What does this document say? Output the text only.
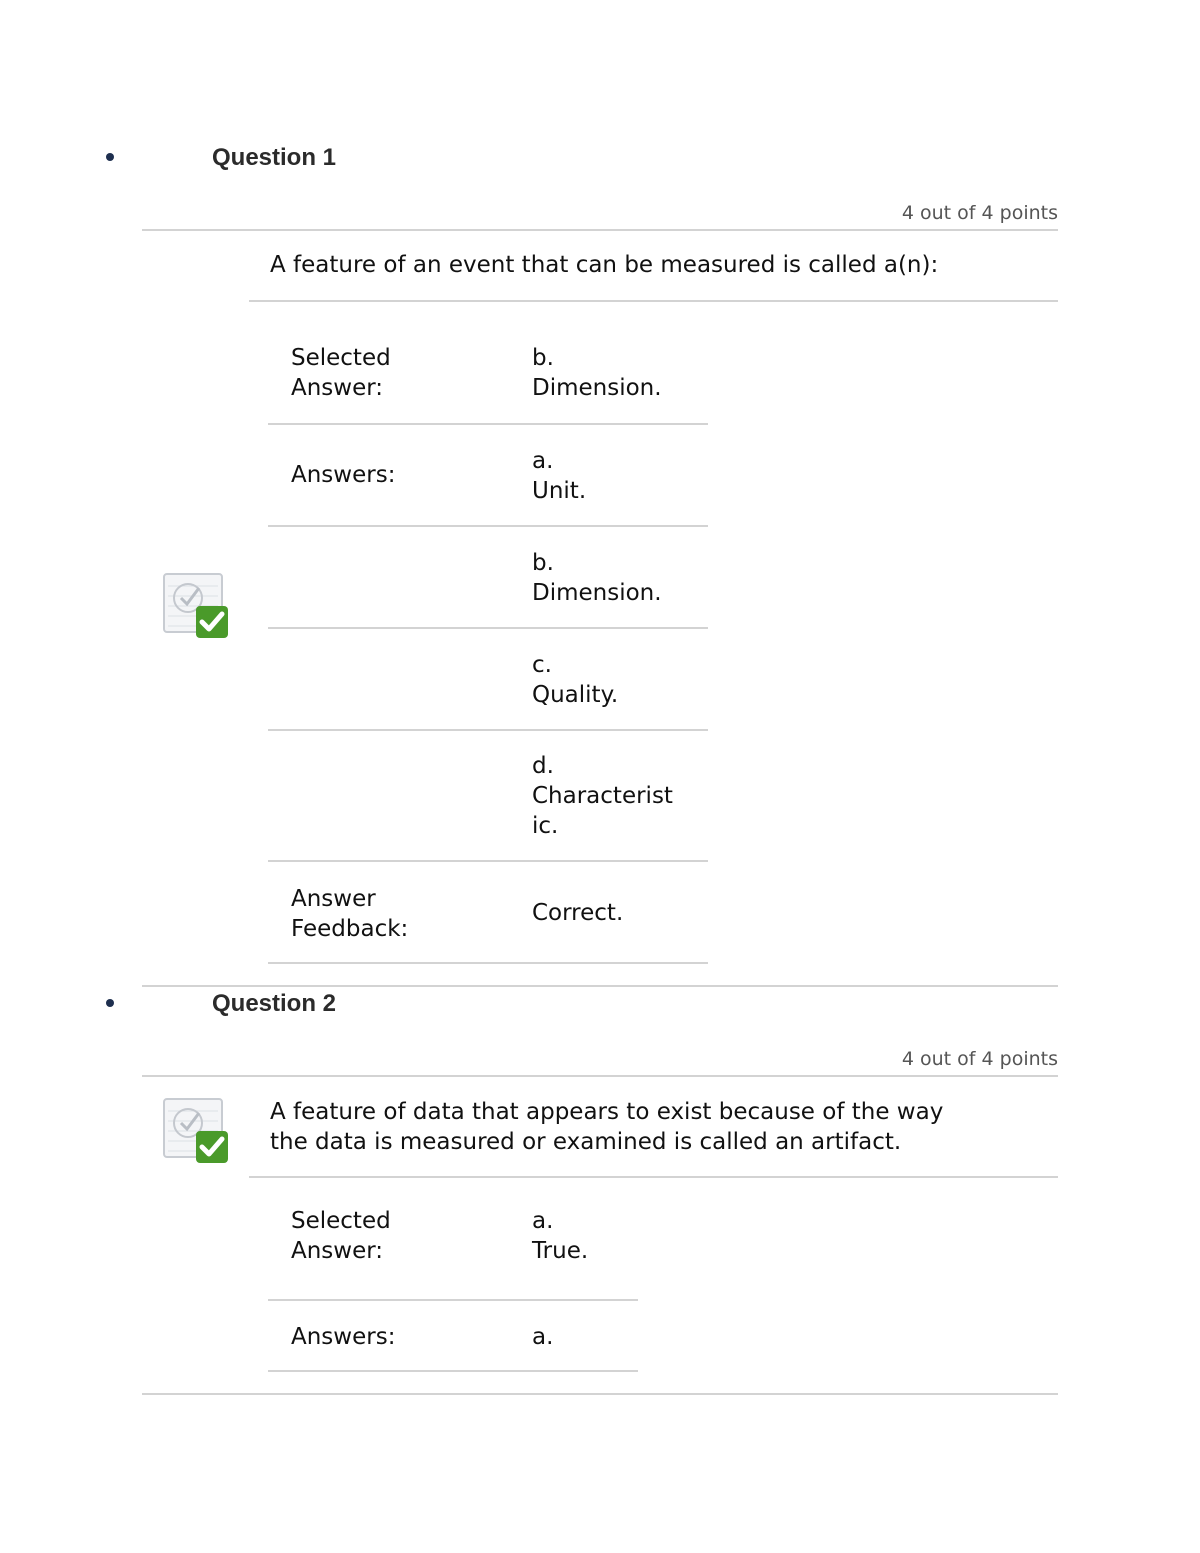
Question 1
4 out of 4 points
A feature of an event that can be measured is called a(n):
Selected
Answer:
b.
Dimension.
Answers:
a.
Unit.
b.
Dimension.
c.
Quality.
d.
Characterist
ic.
Answer
Feedback:
Correct.
Question 2
4 out of 4 points
A feature of data that appears to exist because of the way
the data is measured or examined is called an artifact.
Selected
Answer:
a.
True.
Answers:	a.
